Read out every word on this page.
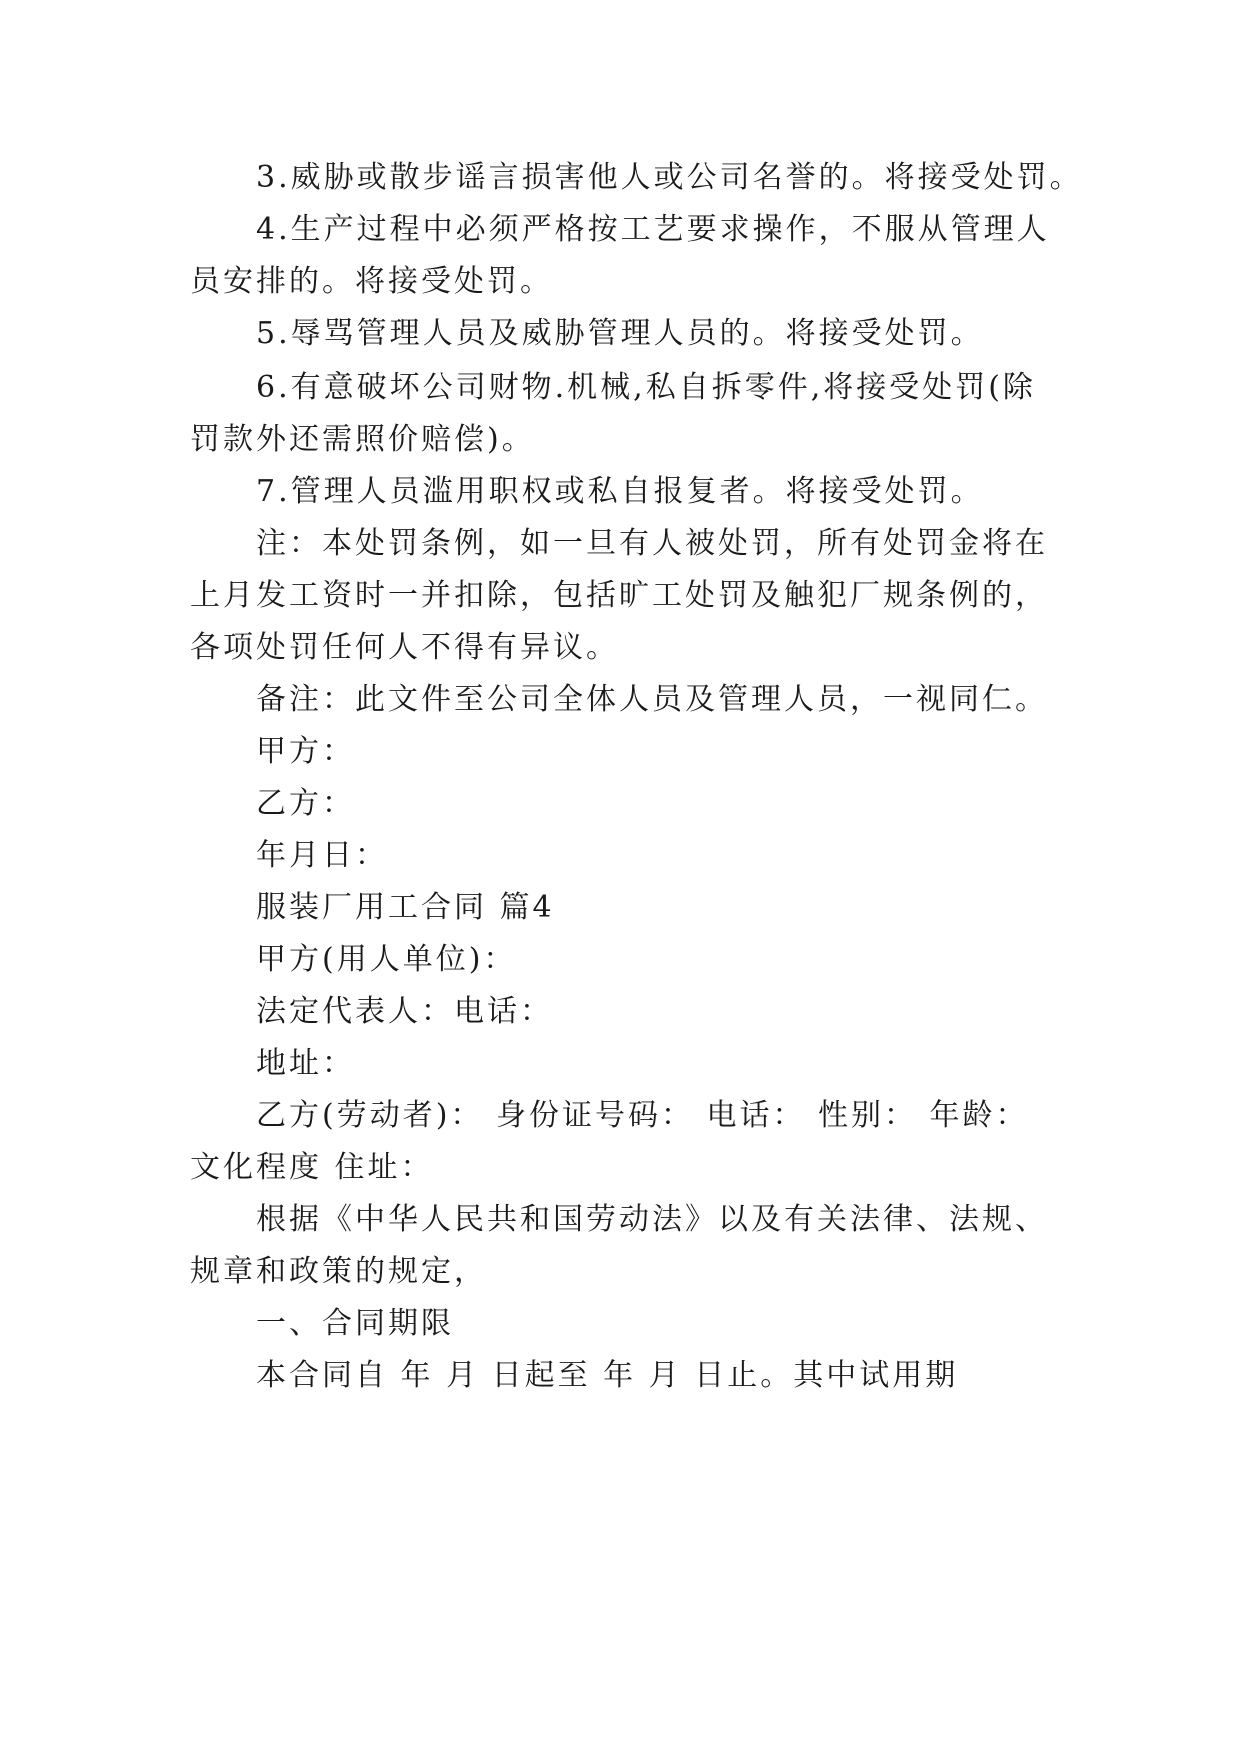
3.威胁或散步谣言损害他人或公司名誉的。将接受处罚。
4.生产过程中必须严格按工艺要求操作，不服从管理人
员安排的。将接受处罚。
5.辱骂管理人员及威胁管理人员的。将接受处罚。
6.有意破坏公司财物.机械,私自拆零件,将接受处罚(除
罚款外还需照价赔偿)。
7.管理人员滥用职权或私自报复者。将接受处罚。
注：本处罚条例，如一旦有人被处罚，所有处罚金将在
上月发工资时一并扣除，包括旷工处罚及触犯厂规条例的，
各项处罚任何人不得有异议。
备注：此文件至公司全体人员及管理人员，一视同仁。
甲方：
乙方：
年月日：
服装厂用工合同 篇4
甲方(用人单位)：
法定代表人：电话：
地址：
乙方(劳动者)： 身份证号码： 电话： 性别： 年龄：
文化程度 住址：
根据《中华人民共和国劳动法》以及有关法律、法规、
规章和政策的规定，
一、合同期限
本合同自 年 月 日起至 年 月 日止。其中试用期
